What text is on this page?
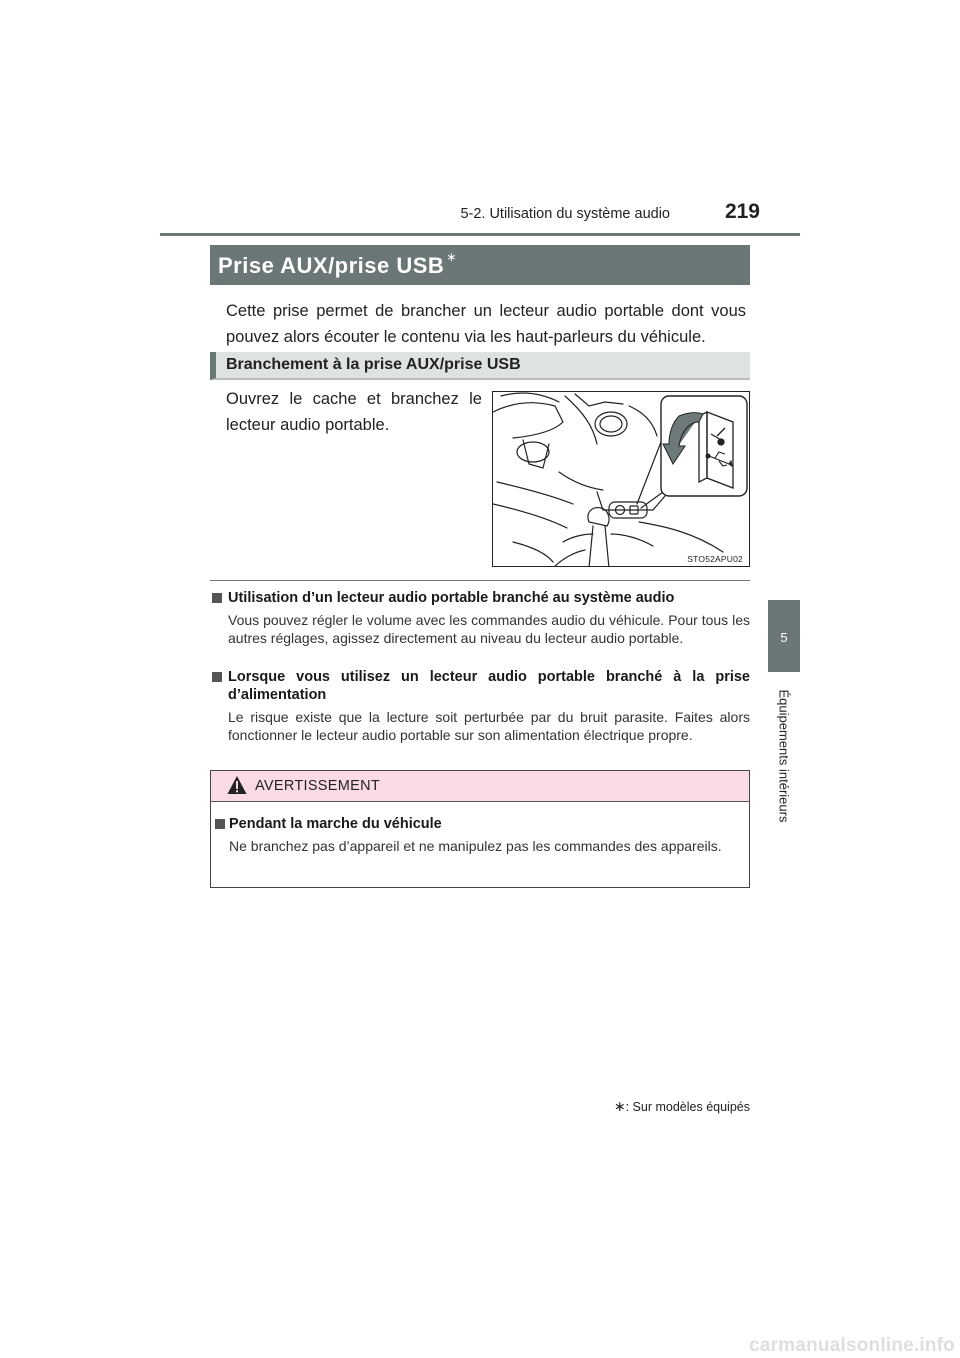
5-2. Utilisation du système audio	219
5
Équipements intérieurs
Prise AUX/prise USB ∗

Cette prise permet de brancher un lecteur audio portable dont vous pouvez alors écouter le contenu via les haut-parleurs du véhicule.

Branchement à la prise AUX/prise USB

Ouvrez le cache et branchez le lecteur audio portable.

STO52APU02
Utilisation d’un lecteur audio portable branché au système audio
Vous pouvez régler le volume avec les commandes audio du véhicule. Pour tous les autres réglages, agissez directement au niveau du lecteur audio portable.
Lorsque vous utilisez un lecteur audio portable branché à la prise d’alimentation
Le risque existe que la lecture soit perturbée par du bruit parasite. Faites alors fonctionner le lecteur audio portable sur son alimentation électrique propre.
AVERTISSEMENT
Pendant la marche du véhicule
Ne branchez pas d’appareil et ne manipulez pas les commandes des appareils.
∗: Sur modèles équipés
carmanualsonline.info
